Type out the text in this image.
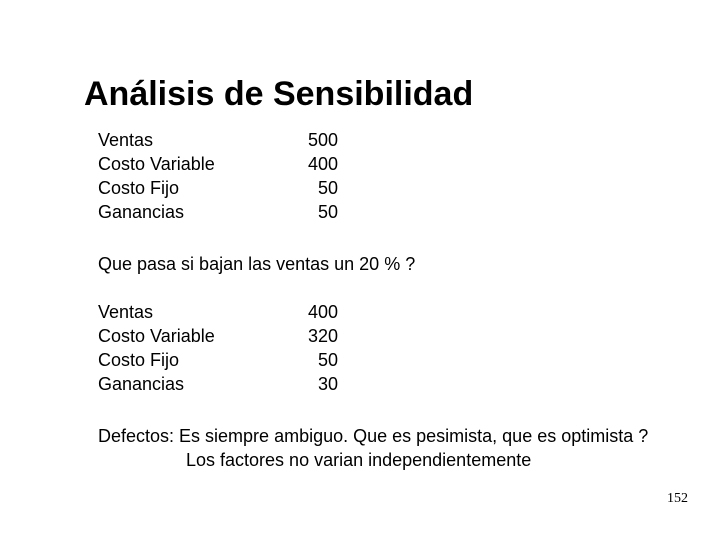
Análisis de Sensibilidad
Ventas	500
Costo Variable	400
Costo Fijo	50
Ganancias	50
Que pasa si bajan las ventas un 20 % ?
Ventas	400
Costo Variable	320
Costo Fijo	50
Ganancias	30
Defectos: Es siempre ambiguo. Que es pesimista, que es optimista ?
Los factores no varian independientemente
152
